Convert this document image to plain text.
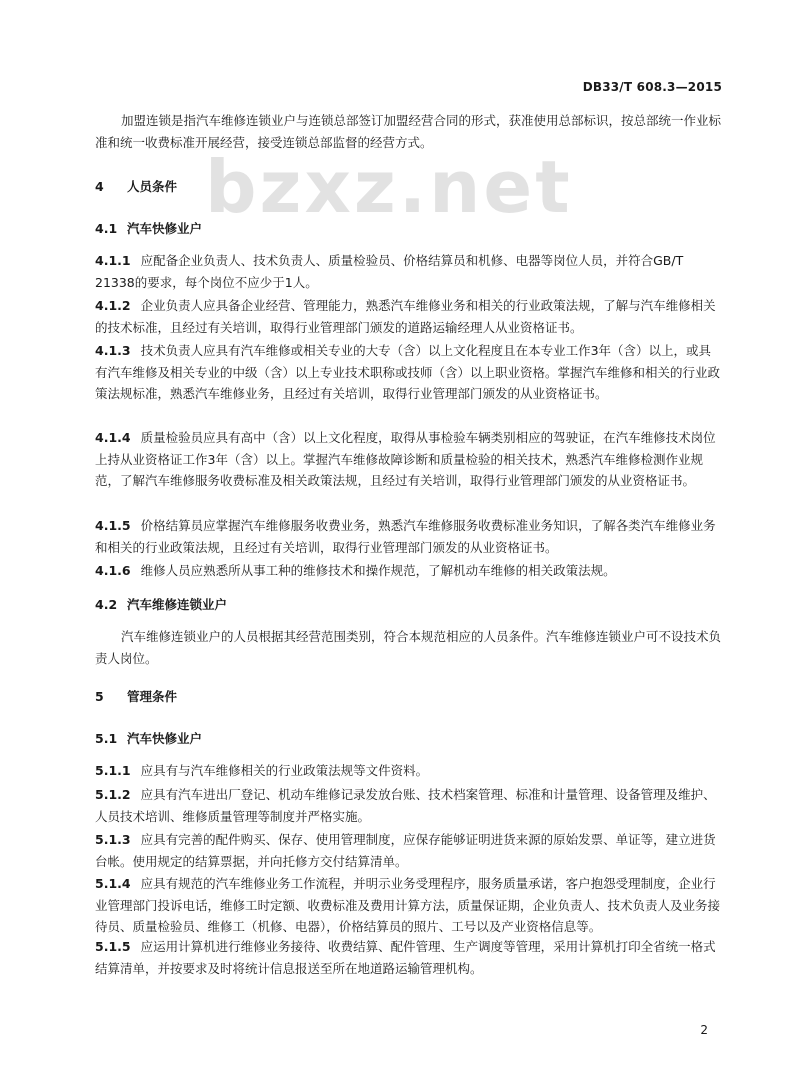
DB33/T 608.3—2015
bzxz.net
加盟连锁是指汽车维修连锁业户与连锁总部签订加盟经营合同的形式，获准使用总部标识，按总部统一作业标准和统一收费标准开展经营，接受连锁总部监督的经营方式。
4 人员条件
4.1 汽车快修业户
4.1.1 应配备企业负责人、技术负责人、质量检验员、价格结算员和机修、电器等岗位人员，并符合GB/T 21338的要求，每个岗位不应少于1人。
4.1.2 企业负责人应具备企业经营、管理能力，熟悉汽车维修业务和相关的行业政策法规，了解与汽车维修相关的技术标准，且经过有关培训，取得行业管理部门颁发的道路运输经理人从业资格证书。
4.1.3 技术负责人应具有汽车维修或相关专业的大专（含）以上文化程度且在本专业工作3年（含）以上，或具有汽车维修及相关专业的中级（含）以上专业技术职称或技师（含）以上职业资格。掌握汽车维修和相关的行业政策法规标准，熟悉汽车维修业务，且经过有关培训，取得行业管理部门颁发的从业资格证书。
4.1.4 质量检验员应具有高中（含）以上文化程度，取得从事检验车辆类别相应的驾驶证，在汽车维修技术岗位上持从业资格证工作3年（含）以上。掌握汽车维修故障诊断和质量检验的相关技术，熟悉汽车维修检测作业规范，了解汽车维修服务收费标准及相关政策法规，且经过有关培训，取得行业管理部门颁发的从业资格证书。
4.1.5 价格结算员应掌握汽车维修服务收费业务，熟悉汽车维修服务收费标准业务知识，了解各类汽车维修业务和相关的行业政策法规，且经过有关培训，取得行业管理部门颁发的从业资格证书。
4.1.6 维修人员应熟悉所从事工种的维修技术和操作规范，了解机动车维修的相关政策法规。
4.2 汽车维修连锁业户
汽车维修连锁业户的人员根据其经营范围类别，符合本规范相应的人员条件。汽车维修连锁业户可不设技术负责人岗位。
5 管理条件
5.1 汽车快修业户
5.1.1 应具有与汽车维修相关的行业政策法规等文件资料。
5.1.2 应具有汽车进出厂登记、机动车维修记录发放台账、技术档案管理、标准和计量管理、设备管理及维护、人员技术培训、维修质量管理等制度并严格实施。
5.1.3 应具有完善的配件购买、保存、使用管理制度，应保存能够证明进货来源的原始发票、单证等，建立进货台帐。使用规定的结算票据，并向托修方交付结算清单。
5.1.4 应具有规范的汽车维修业务工作流程，并明示业务受理程序，服务质量承诺，客户抱怨受理制度，企业行业管理部门投诉电话，维修工时定额、收费标准及费用计算方法，质量保证期，企业负责人、技术负责人及业务接待员、质量检验员、维修工（机修、电器），价格结算员的照片、工号以及产业资格信息等。
5.1.5 应运用计算机进行维修业务接待、收费结算、配件管理、生产调度等管理，采用计算机打印全省统一格式结算清单，并按要求及时将统计信息报送至所在地道路运输管理机构。
2
